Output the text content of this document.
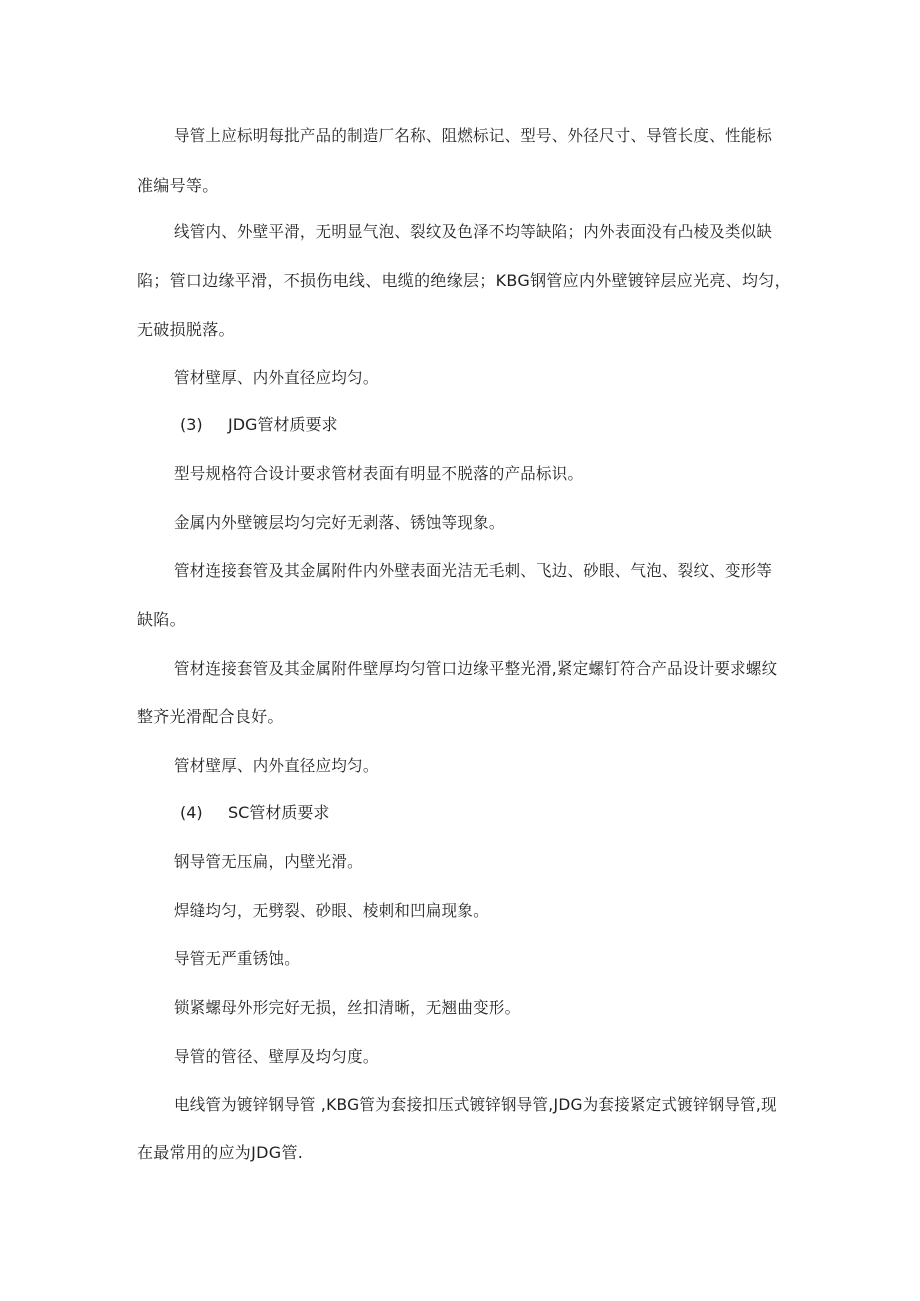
导管上应标明每批产品的制造厂名称、阻燃标记、型号、外径尺寸、导管长度、性能标
准编号等。
线管内、外壁平滑，无明显气泡、裂纹及色泽不均等缺陷；内外表面没有凸棱及类似缺
陷；管口边缘平滑，不损伤电线、电缆的绝缘层；KBG钢管应内外壁镀锌层应光亮、均匀，
无破损脱落。
管材壁厚、内外直径应均匀。
(3) JDG管材质要求
型号规格符合设计要求管材表面有明显不脱落的产品标识。
金属内外壁镀层均匀完好无剥落、锈蚀等现象。
管材连接套管及其金属附件内外壁表面光洁无毛刺、飞边、砂眼、气泡、裂纹、变形等
缺陷。
管材连接套管及其金属附件壁厚均匀管口边缘平整光滑,紧定螺钉符合产品设计要求螺纹
整齐光滑配合良好。
管材壁厚、内外直径应均匀。
(4) SC管材质要求
钢导管无压扁，内壁光滑。
焊缝均匀，无劈裂、砂眼、棱刺和凹扁现象。
导管无严重锈蚀。
锁紧螺母外形完好无损，丝扣清晰，无翘曲变形。
导管的管径、壁厚及均匀度。
电线管为镀锌钢导管 ,KBG管为套接扣压式镀锌钢导管,JDG为套接紧定式镀锌钢导管,现
在最常用的应为JDG管.
